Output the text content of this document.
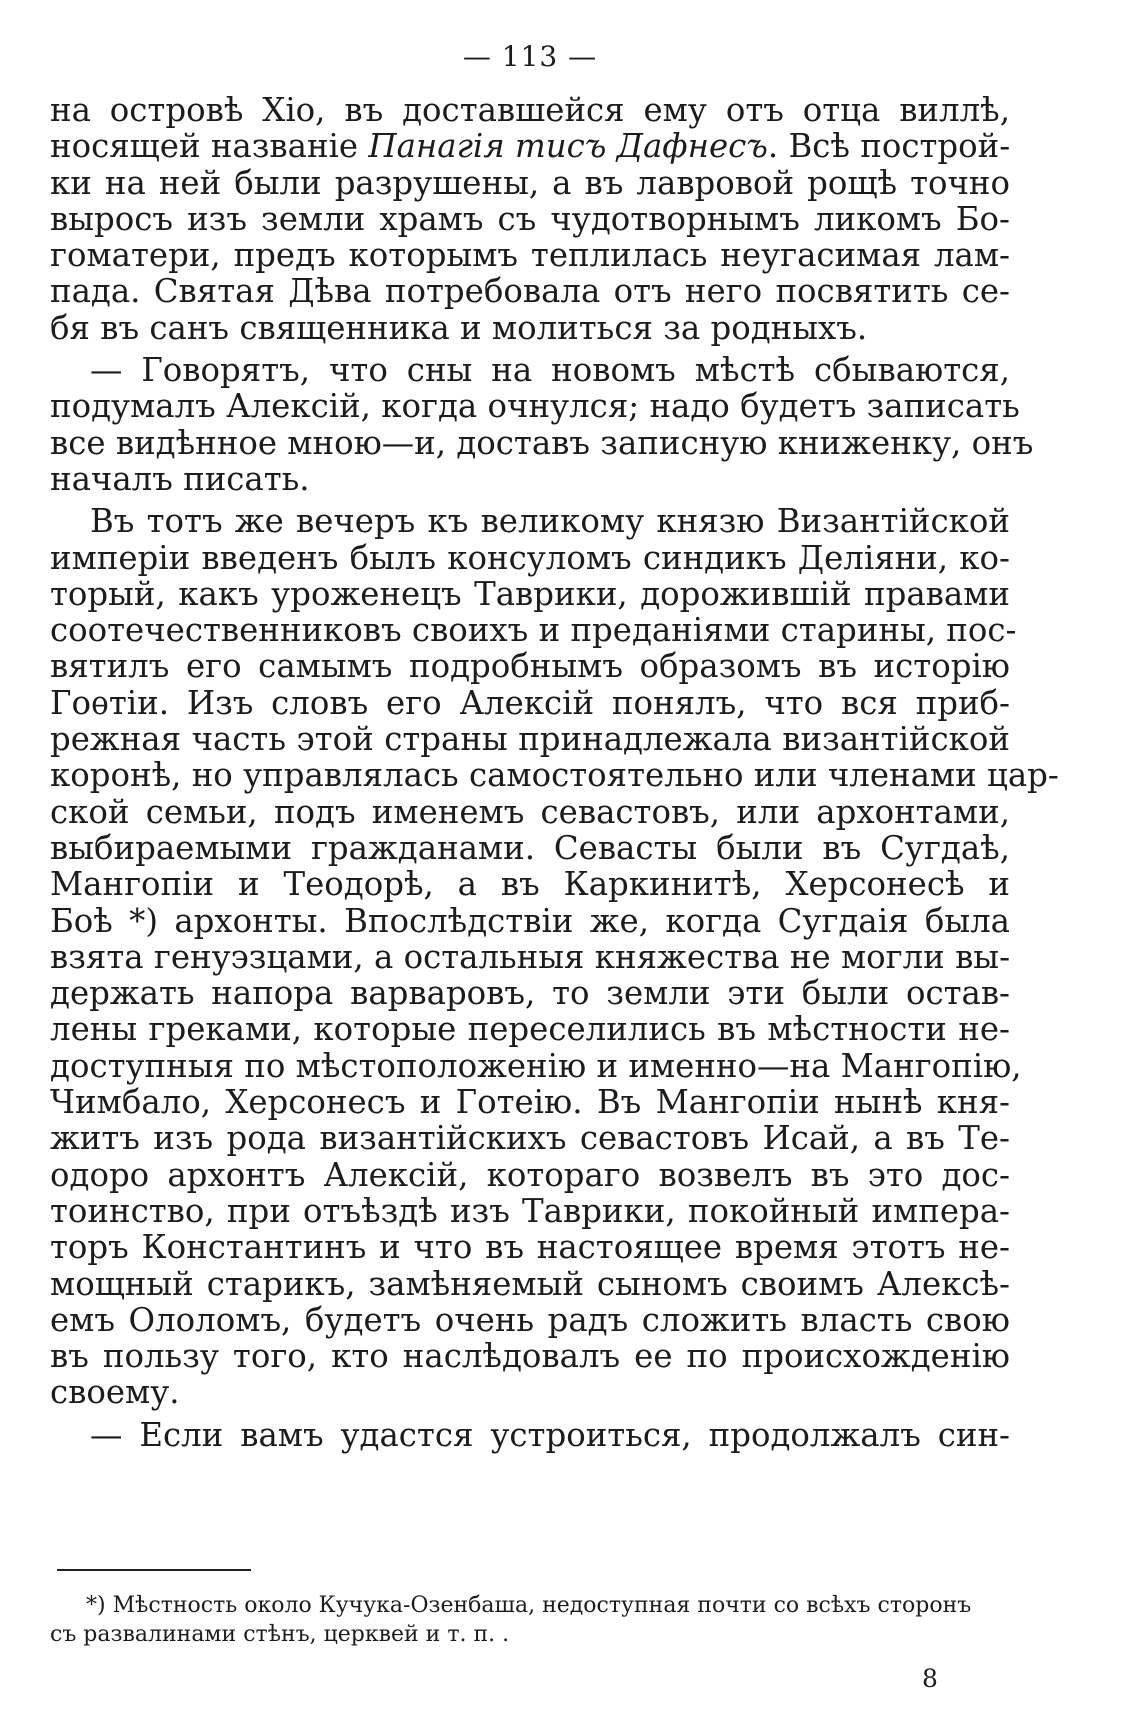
— 113 —
на островѣ Хіо, въ доставшейся ему отъ отца виллѣ,
носящей названіе Панагія тисъ Дафнесъ. Всѣ построй-
ки на ней были разрушены, а въ лавровой рощѣ точно
выросъ изъ земли храмъ съ чудотворнымъ ликомъ Бо-
гоматери, предъ которымъ теплилась неугасимая лам-
пада. Святая Дѣва потребовала отъ него посвятить се-
бя въ санъ священника и молиться за родныхъ.
— Говорятъ, что сны на новомъ мѣстѣ сбываются,
подумалъ Алексій, когда очнулся; надо будетъ записать
все видѣнное мною—и, доставъ записную книженку, онъ
началъ писать.
Въ тотъ же вечеръ къ великому князю Византійской
имперіи введенъ былъ консуломъ синдикъ Деліяни, ко-
торый, какъ уроженецъ Таврики, дорожившій правами
соотечественниковъ своихъ и преданіями старины, пос-
вятилъ его самымъ подробнымъ образомъ въ исторію
Гоѳтіи. Изъ словъ его Алексій понялъ, что вся приб-
режная часть этой страны принадлежала византійской
коронѣ, но управлялась самостоятельно или членами цар-
ской семьи, подъ именемъ севастовъ, или архонтами,
выбираемыми гражданами. Севасты были въ Сугдаѣ,
Мангопіи и Теодорѣ, а въ Каркинитѣ, Херсонесѣ и
Боѣ *) архонты. Впослѣдствіи же, когда Сугдаія была
взята генуэзцами, а остальныя княжества не могли вы-
держать напора варваровъ, то земли эти были остав-
лены греками, которые переселились въ мѣстности не-
доступныя по мѣстоположенію и именно—на Мангопію,
Чимбало, Херсонесъ и Готеію. Въ Мангопіи нынѣ кня-
житъ изъ рода византійскихъ севастовъ Исай, а въ Те-
одоро архонтъ Алексій, котораго возвелъ въ это дос-
тоинство, при отъѣздѣ изъ Таврики, покойный импера-
торъ Константинъ и что въ настоящее время этотъ не-
мощный старикъ, замѣняемый сыномъ своимъ Алексѣ-
емъ Ололомъ, будетъ очень радъ сложить власть свою
въ пользу того, кто наслѣдовалъ ее по происхожденію
своему.
— Если вамъ удастся устроиться, продолжалъ син-
*) Мѣстность около Кучука-Озенбаша, недоступная почти со всѣхъ сторонъ
съ развалинами стѣнъ, церквей и т. п. .
8
